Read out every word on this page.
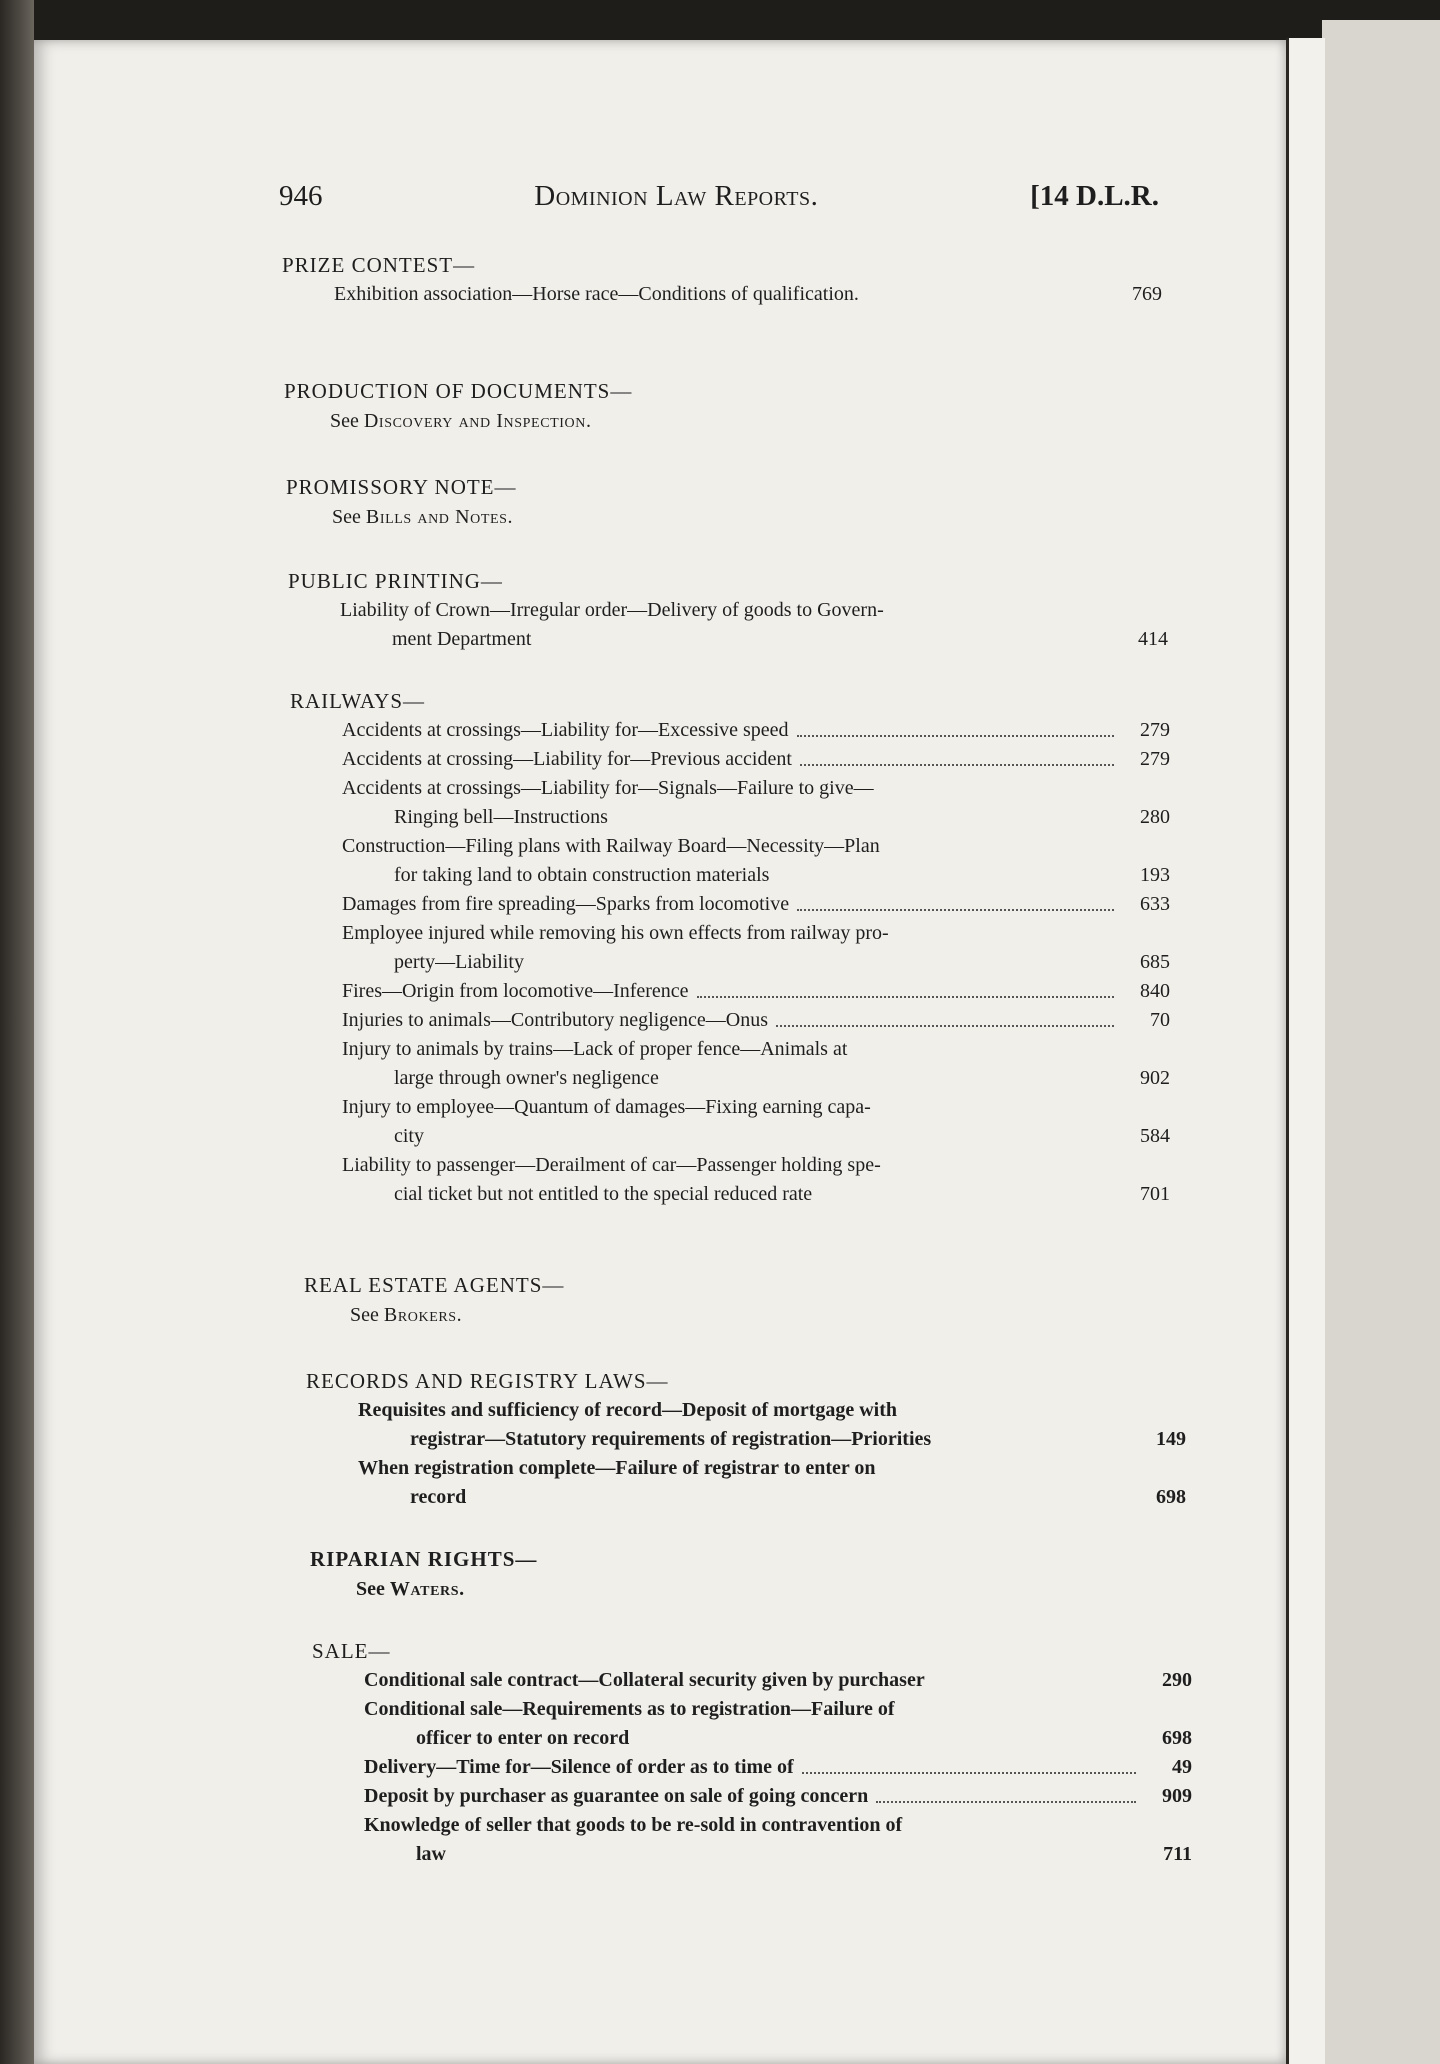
946	Dominion Law Reports.	[14 D.L.R.
PRIZE CONTEST—
Exhibition association—Horse race—Conditions of qualification.	769
PRODUCTION OF DOCUMENTS—
See Discovery and Inspection.
PROMISSORY NOTE—
See Bills and Notes.
PUBLIC PRINTING—
Liability of Crown—Irregular order—Delivery of goods to Govern-
ment Department	414
RAILWAYS—
Accidents at crossings—Liability for—Excessive speed	279
Accidents at crossing—Liability for—Previous accident	279
Accidents at crossings—Liability for—Signals—Failure to give—
Ringing bell—Instructions	280
Construction—Filing plans with Railway Board—Necessity—Plan
for taking land to obtain construction materials	193
Damages from fire spreading—Sparks from locomotive	633
Employee injured while removing his own effects from railway pro-
perty—Liability	685
Fires—Origin from locomotive—Inference	840
Injuries to animals—Contributory negligence—Onus	70
Injury to animals by trains—Lack of proper fence—Animals at
large through owner's negligence	902
Injury to employee—Quantum of damages—Fixing earning capa-
city	584
Liability to passenger—Derailment of car—Passenger holding spe-
cial ticket but not entitled to the special reduced rate	701
REAL ESTATE AGENTS—
See Brokers.
RECORDS AND REGISTRY LAWS—
Requisites and sufficiency of record—Deposit of mortgage with
registrar—Statutory requirements of registration—Priorities	149
When registration complete—Failure of registrar to enter on
record	698
RIPARIAN RIGHTS—
See Waters.
SALE—
Conditional sale contract—Collateral security given by purchaser	290
Conditional sale—Requirements as to registration—Failure of
officer to enter on record	698
Delivery—Time for—Silence of order as to time of	49
Deposit by purchaser as guarantee on sale of going concern	909
Knowledge of seller that goods to be re-sold in contravention of
law	711
